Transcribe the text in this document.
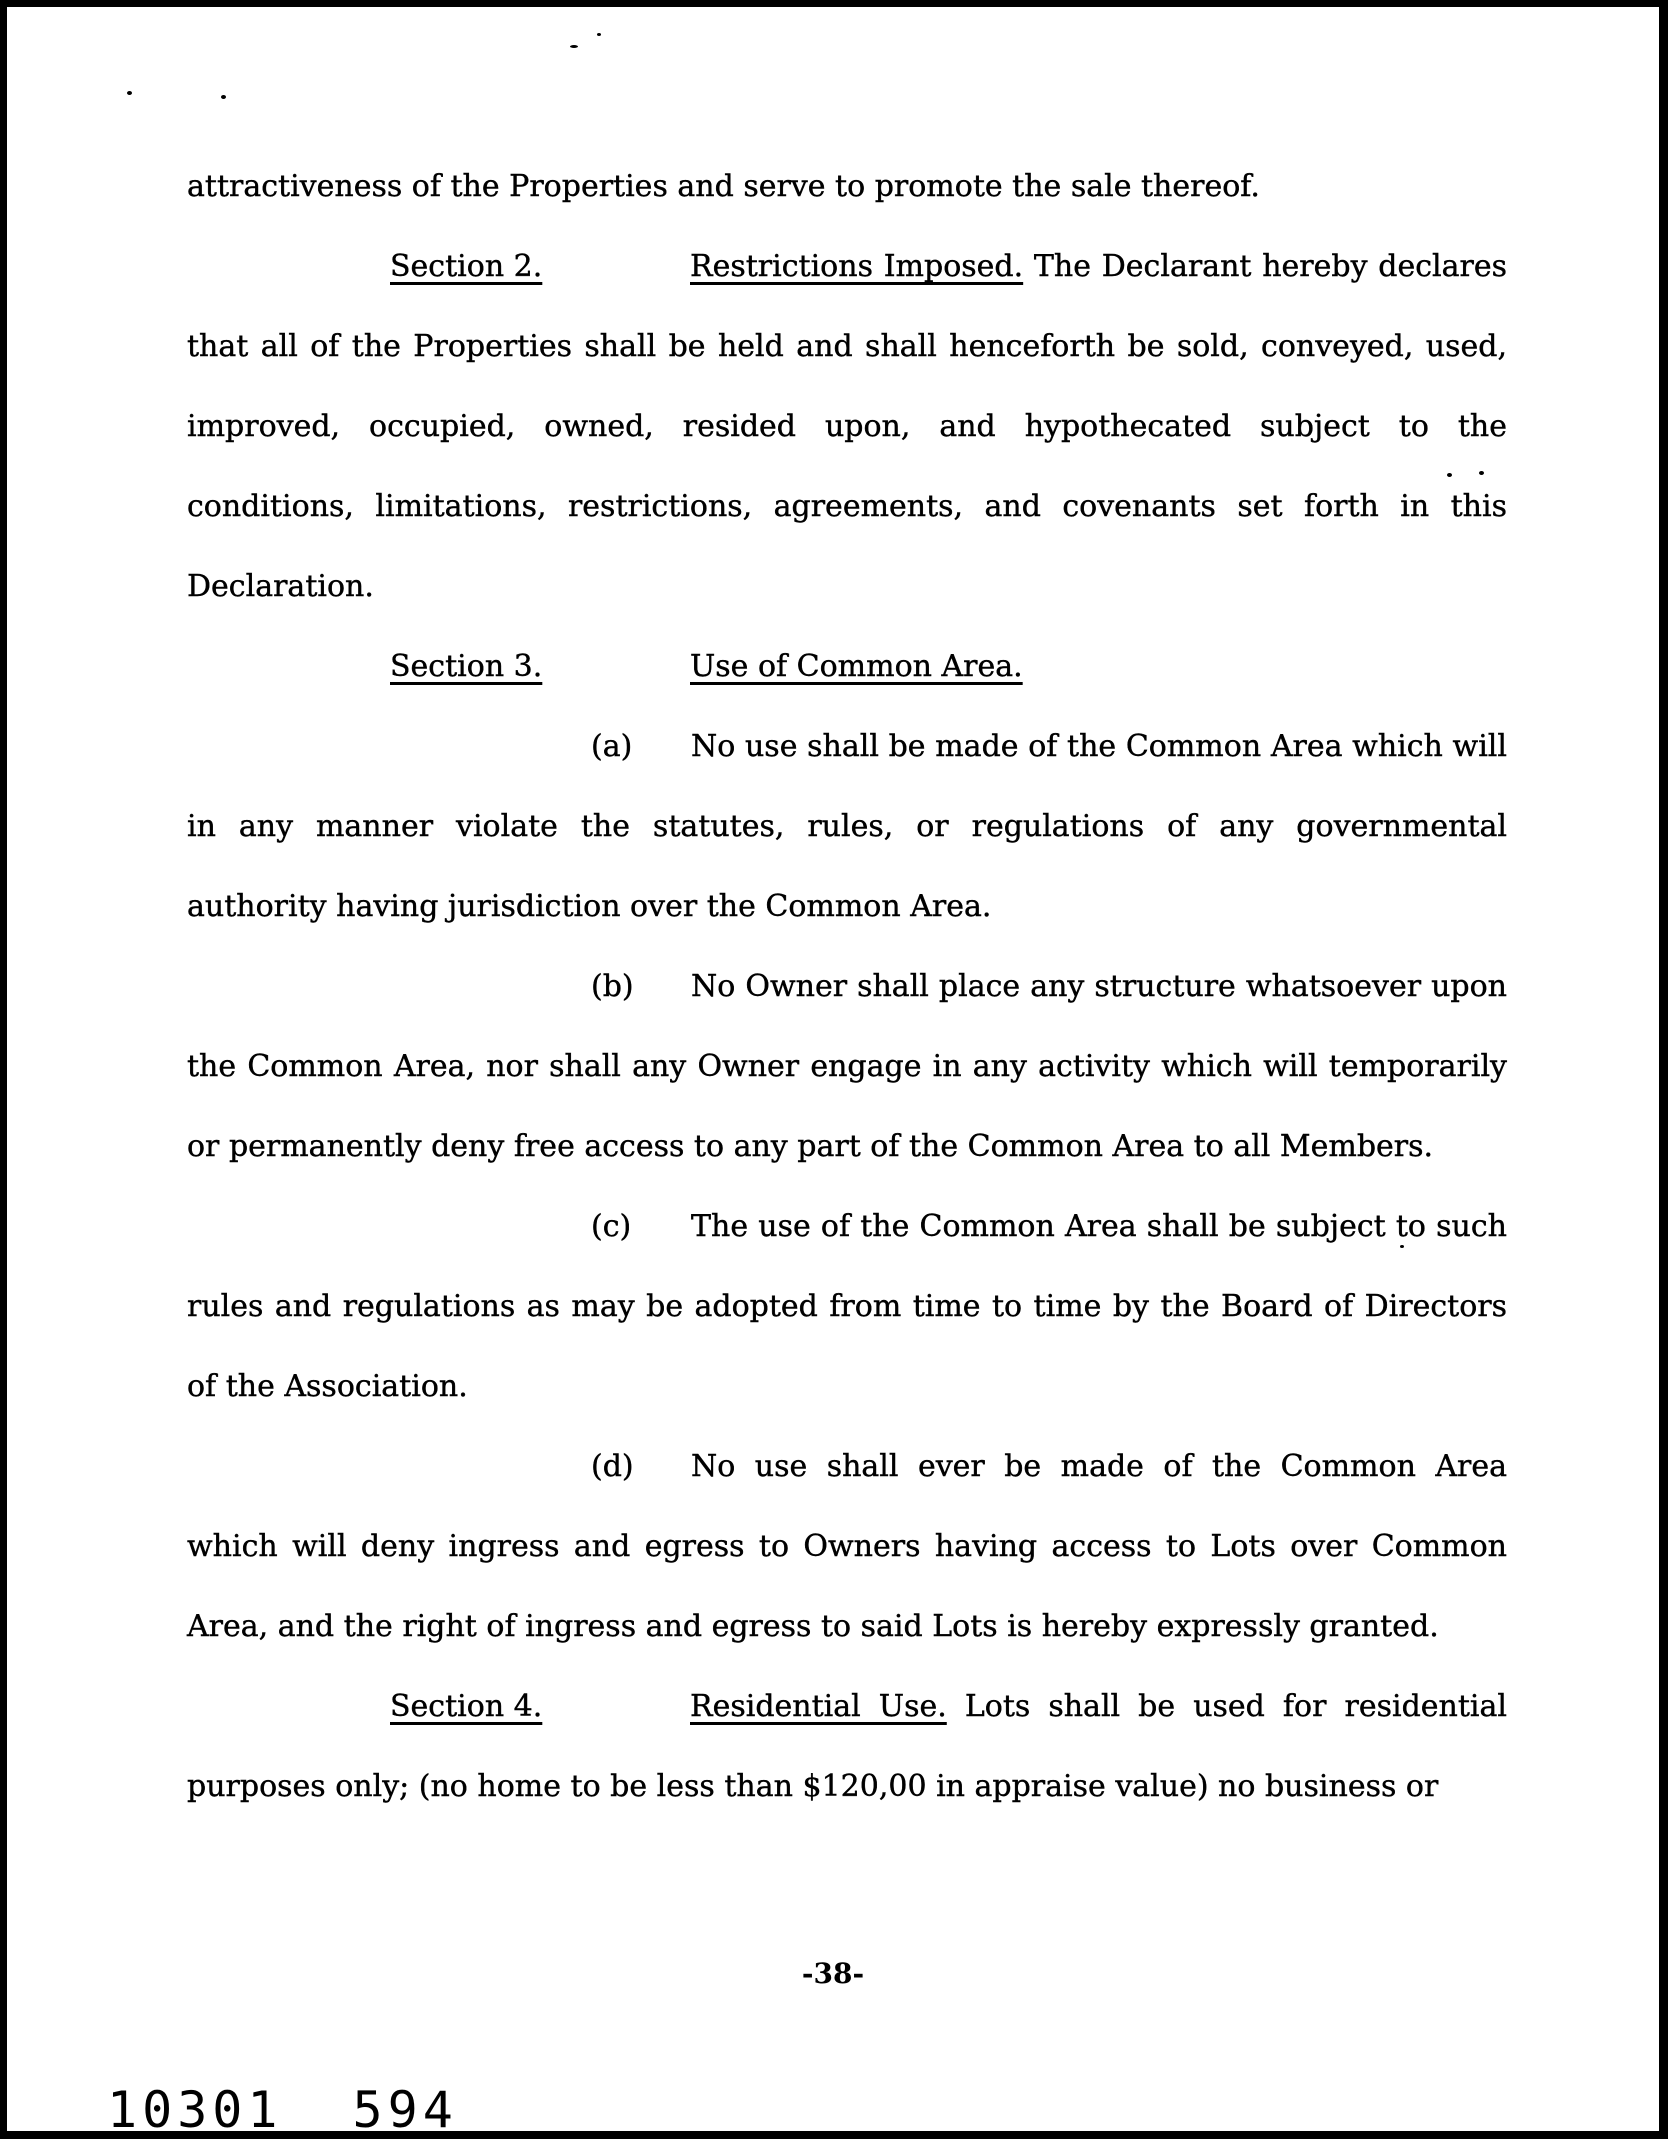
attractiveness of the Properties and serve to promote the sale thereof.

Section 2.	Restrictions Imposed. The Declarant hereby declares that all of the Properties shall be held and shall henceforth be sold, conveyed, used, improved, occupied, owned, resided upon, and hypothecated subject to the conditions, limitations, restrictions, agreements, and covenants set forth in this Declaration.

Section 3.	Use of Common Area.

(a) No use shall be made of the Common Area which will in any manner violate the statutes, rules, or regulations of any governmental authority having jurisdiction over the Common Area.

(b) No Owner shall place any structure whatsoever upon the Common Area, nor shall any Owner engage in any activity which will temporarily or permanently deny free access to any part of the Common Area to all Members.

(c) The use of the Common Area shall be subject to such rules and regulations as may be adopted from time to time by the Board of Directors of the Association.

(d) No use shall ever be made of the Common Area which will deny ingress and egress to Owners having access to Lots over Common Area, and the right of ingress and egress to said Lots is hereby expressly granted.

Section 4.	Residential Use. Lots shall be used for residential purposes only; (no home to be less than $120,00 in appraise value) no business or

-38-
10301 594
